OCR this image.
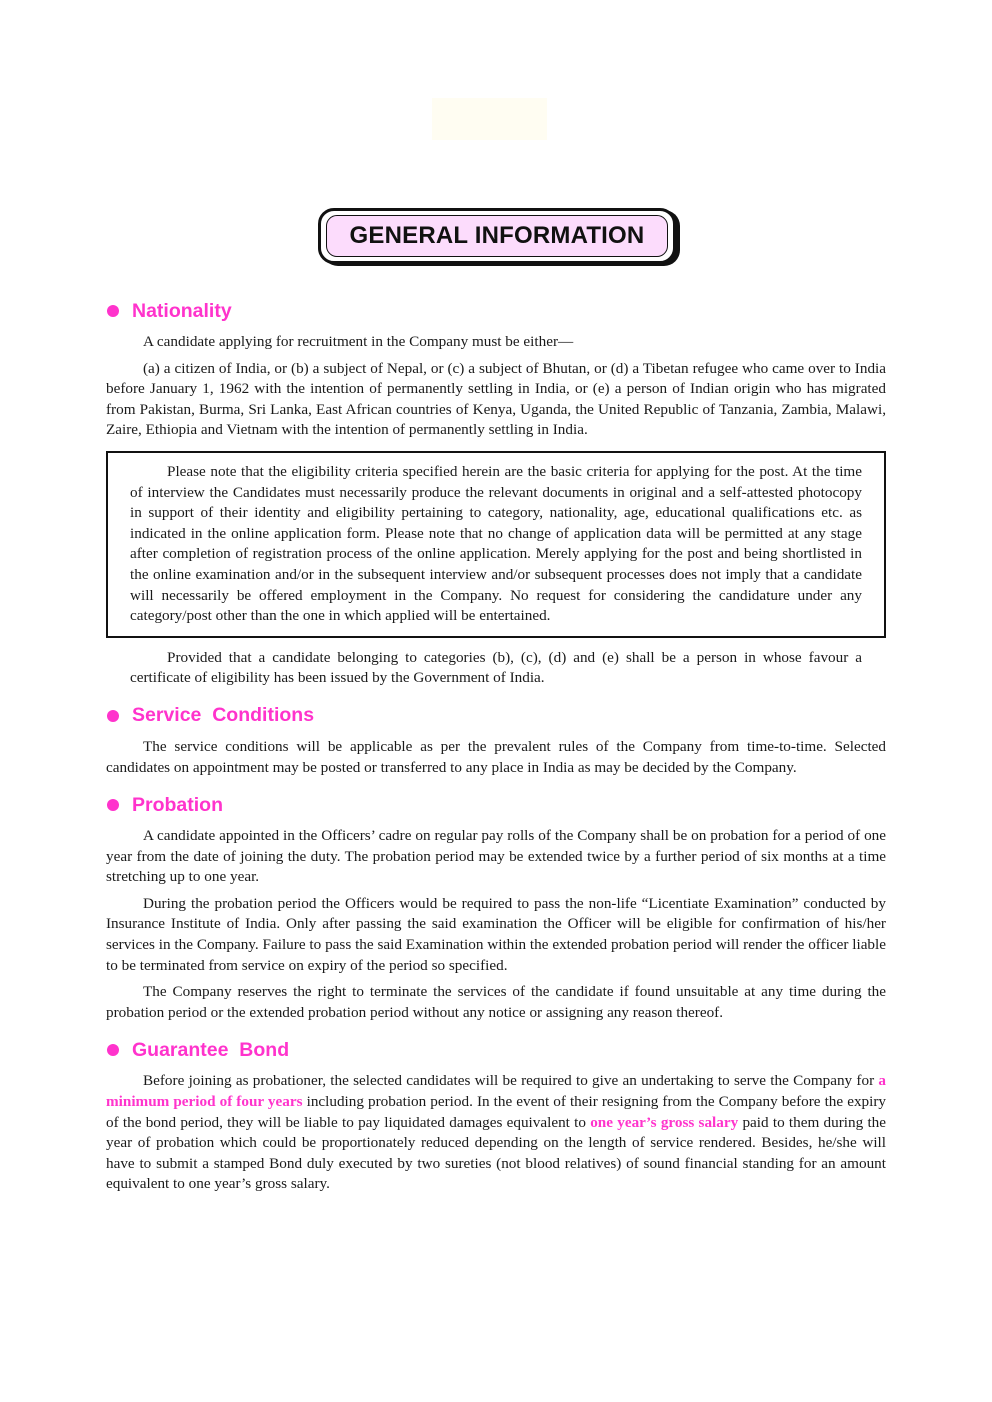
GENERAL INFORMATION
Nationality

A candidate applying for recruitment in the Company must be either—

(a) a citizen of India, or (b) a subject of Nepal, or (c) a subject of Bhutan, or (d) a Tibetan refugee who came over to India before January 1, 1962 with the intention of permanently settling in India, or (e) a person of Indian origin who has migrated from Pakistan, Burma, Sri Lanka, East African countries of Kenya, Uganda, the United Republic of Tanzania, Zambia, Malawi, Zaire, Ethiopia and Vietnam with the intention of permanently settling in India.

Please note that the eligibility criteria specified herein are the basic criteria for applying for the post. At the time of interview the Candidates must necessarily produce the relevant documents in original and a self-attested photocopy in support of their identity and eligibility pertaining to category, nationality, age, educational qualifications etc. as indicated in the online application form. Please note that no change of application data will be permitted at any stage after completion of registration process of the online application. Merely applying for the post and being shortlisted in the online examination and/or in the subsequent interview and/or subsequent processes does not imply that a candidate will necessarily be offered employment in the Company. No request for considering the candidature under any category/post other than the one in which applied will be entertained.

Provided that a candidate belonging to categories (b), (c), (d) and (e) shall be a person in whose favour a certificate of eligibility has been issued by the Government of India.

Service  Conditions

The service conditions will be applicable as per the prevalent rules of the Company from time-to-time. Selected candidates on appointment may be posted or transferred to any place in India as may be decided by the Company.

Probation

A candidate appointed in the Officers’ cadre on regular pay rolls of the Company shall be on probation for a period of one year from the date of joining the duty. The probation period may be extended twice by a further period of six months at a time stretching up to one year.

During the probation period the Officers would be required to pass the non-life “Licentiate Examination” conducted by Insurance Institute of India. Only after passing the said examination the Officer will be eligible for confirmation of his/her services in the Company. Failure to pass the said Examination within the extended probation period will render the officer liable to be terminated from service on expiry of the period so specified.

The Company reserves the right to terminate the services of the candidate if found unsuitable at any time during the probation period or the extended probation period without any notice or assigning any reason thereof.

Guarantee  Bond

Before joining as probationer, the selected candidates will be required to give an undertaking to serve the Company for a minimum period of four years including probation period. In the event of their resigning from the Company before the expiry of the bond period, they will be liable to pay liquidated damages equivalent to one year’s gross salary paid to them during the year of probation which could be proportionately reduced depending on the length of service rendered. Besides, he/she will have to submit a stamped Bond duly executed by two sureties (not blood relatives) of sound financial standing for an amount equivalent to one year’s gross salary.
